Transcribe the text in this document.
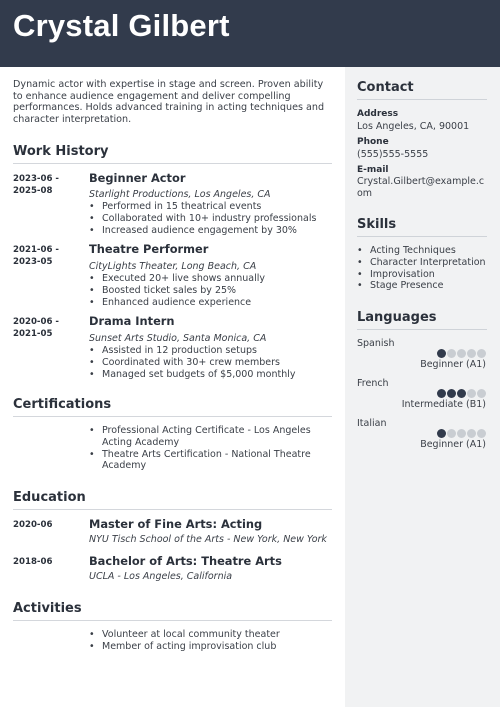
Crystal Gilbert

Dynamic actor with expertise in stage and screen. Proven ability to enhance audience engagement and deliver compelling performances. Holds advanced training in acting techniques and character interpretation.

Work History
2023-06 -
2025-08
Beginner Actor
Starlight Productions, Los Angeles, CA
• Performed in 15 theatrical events
• Collaborated with 10+ industry professionals
• Increased audience engagement by 30%
2021-06 -
2023-05
Theatre Performer
CityLights Theater, Long Beach, CA
• Executed 20+ live shows annually
• Boosted ticket sales by 25%
• Enhanced audience experience
2020-06 -
2021-05
Drama Intern
Sunset Arts Studio, Santa Monica, CA
• Assisted in 12 production setups
• Coordinated with 30+ crew members
• Managed set budgets of $5,000 monthly
Certifications
• Professional Acting Certificate - Los Angeles Acting Academy
• Theatre Arts Certification - National Theatre Academy
Education
2020-06	Master of Fine Arts: Acting
NYU Tisch School of the Arts - New York, New York
2018-06	Bachelor of Arts: Theatre Arts
UCLA - Los Angeles, California
Activities
• Volunteer at local community theater
• Member of acting improvisation club
Contact
Address
Los Angeles, CA, 90001
Phone
(555)555-5555
E-mail
Crystal.Gilbert@example.com
Skills
• Acting Techniques
• Character Interpretation
• Improvisation
• Stage Presence
Languages
Spanish
Beginner (A1)
French
Intermediate (B1)
Italian
Beginner (A1)
